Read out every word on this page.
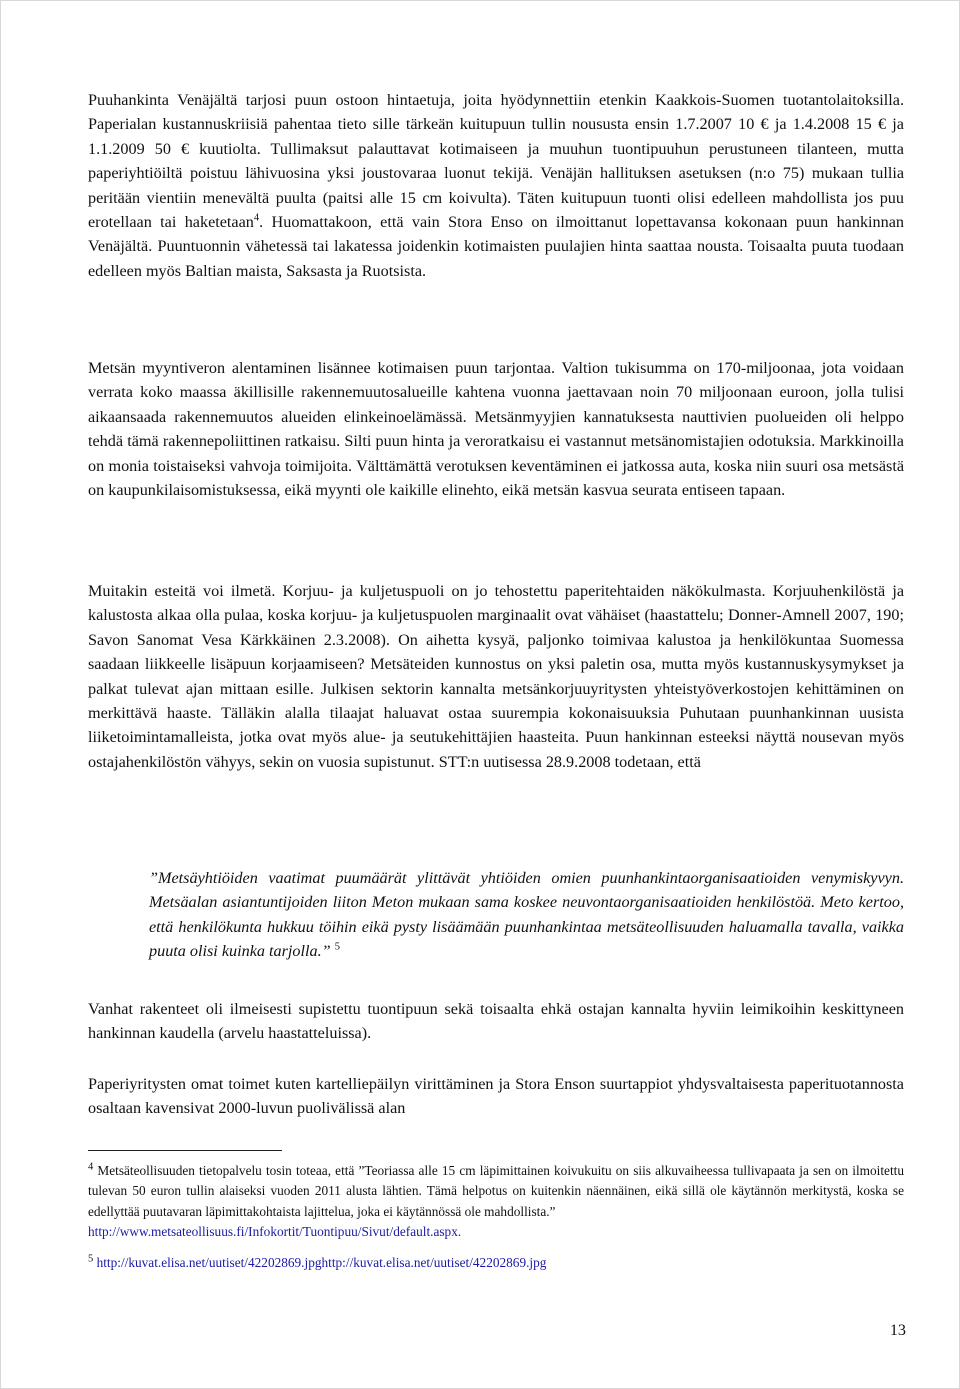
Puuhankinta Venäjältä tarjosi puun ostoon hintaetuja, joita hyödynnettiin etenkin Kaakkois-Suomen tuotantolaitoksilla. Paperialan kustannuskriisiä pahentaa tieto sille tärkeän kuitupuun tullin noususta ensin 1.7.2007 10 € ja 1.4.2008 15 € ja 1.1.2009 50 € kuutiolta. Tullimaksut palauttavat kotimaiseen ja muuhun tuontipuuhun perustuneen tilanteen, mutta paperiyhtiöiltä poistuu lähivuosina yksi joustovaraa luonut tekijä. Venäjän hallituksen asetuksen (n:o 75) mukaan tullia peritään vientiin menevältä puulta (paitsi alle 15 cm koivulta). Täten kuitupuun tuonti olisi edelleen mahdollista jos puu erotellaan tai haketetaan$^4$. Huomattakoon, että vain Stora Enso on ilmoittanut lopettavansa kokonaan puun hankinnan Venäjältä. Puuntuonnin vähetessä tai lakatessa joidenkin kotimaisten puulajien hinta saattaa nousta. Toisaalta puuta tuodaan edelleen myös Baltian maista, Saksasta ja Ruotsista.

Metsän myyntiveron alentaminen lisännee kotimaisen puun tarjontaa. Valtion tukisumma on 170-miljoonaa, jota voidaan verrata koko maassa äkillisille rakennemuutosalueille kahtena vuonna jaettavaan noin 70 miljoonaan euroon, jolla tulisi aikaansaada rakennemuutos alueiden elinkeinoelämässä. Metsänmyyjien kannatuksesta nauttivien puolueiden oli helppo tehdä tämä rakennepoliittinen ratkaisu. Silti puun hinta ja veroratkaisu ei vastannut metsänomistajien odotuksia. Markkinoilla on monia toistaiseksi vahvoja toimijoita. Välttämättä verotuksen keventäminen ei jatkossa auta, koska niin suuri osa metsästä on kaupunkilaisomistuksessa, eikä myynti ole kaikille elinehto, eikä metsän kasvua seurata entiseen tapaan.

Muitakin esteitä voi ilmetä. Korjuu- ja kuljetuspuoli on jo tehostettu paperitehtaiden näkökulmasta. Korjuuhenkilöstä ja kalustosta alkaa olla pulaa, koska korjuu- ja kuljetuspuolen marginaalit ovat vähäiset (haastattelu; Donner-Amnell 2007, 190; Savon Sanomat Vesa Kärkkäinen 2.3.2008). On aihetta kysyä, paljonko toimivaa kalustoa ja henkilökuntaa Suomessa saadaan liikkeelle lisäpuun korjaamiseen? Metsäteiden kunnostus on yksi paletin osa, mutta myös kustannuskysymykset ja palkat tulevat ajan mittaan esille. Julkisen sektorin kannalta metsänkorjuuyritysten yhteistyöverkostojen kehittäminen on merkittävä haaste. Tälläkin alalla tilaajat haluavat ostaa suurempia kokonaisuuksia Puhutaan puunhankinnan uusista liiketoimintamalleista, jotka ovat myös alue- ja seutukehittäjien haasteita. Puun hankinnan esteeksi näyttä nousevan myös ostajahenkilöstön vähyys, sekin on vuosia supistunut. STT:n uutisessa 28.9.2008 todetaan, että

”Metsäyhtiöiden vaatimat puumäärät ylittävät yhtiöiden omien puunhankintaorganisaatioiden venymiskyvyn. Metsäalan asiantuntijoiden liiton Meton mukaan sama koskee neuvontaorganisaatioiden henkilöstöä. Meto kertoo, että henkilökunta hukkuu töihin eikä pysty lisäämään puunhankintaa metsäteollisuuden haluamalla tavalla, vaikka puuta olisi kuinka tarjolla.” $^5$

Vanhat rakenteet oli ilmeisesti supistettu tuontipuun sekä toisaalta ehkä ostajan kannalta hyviin leimikoihin keskittyneen hankinnan kaudella (arvelu haastatteluissa).

Paperiyritysten omat toimet kuten kartelliepäilyn virittäminen ja Stora Enson suurtappiot yhdysvaltaisesta paperituotannosta osaltaan kavensivat 2000-luvun puolivälissä alan

$^4$ Metsäteollisuuden tietopalvelu tosin toteaa, että ”Teoriassa alle 15 cm läpimittainen koivukuitu on siis alkuvaiheessa tullivapaata ja sen on ilmoitettu tulevan 50 euron tullin alaiseksi vuoden 2011 alusta lähtien. Tämä helpotus on kuitenkin näennäinen, eikä sillä ole käytännön merkitystä, koska se edellyttää puutavaran läpimittakohtaista lajittelua, joka ei käytännössä ole mahdollista.”
http://www.metsateollisuus.fi/Infokortit/Tuontipuu/Sivut/default.aspx.

$^5$ http://kuvat.elisa.net/uutiset/42202869.jpghttp://kuvat.elisa.net/uutiset/42202869.jpg

13
